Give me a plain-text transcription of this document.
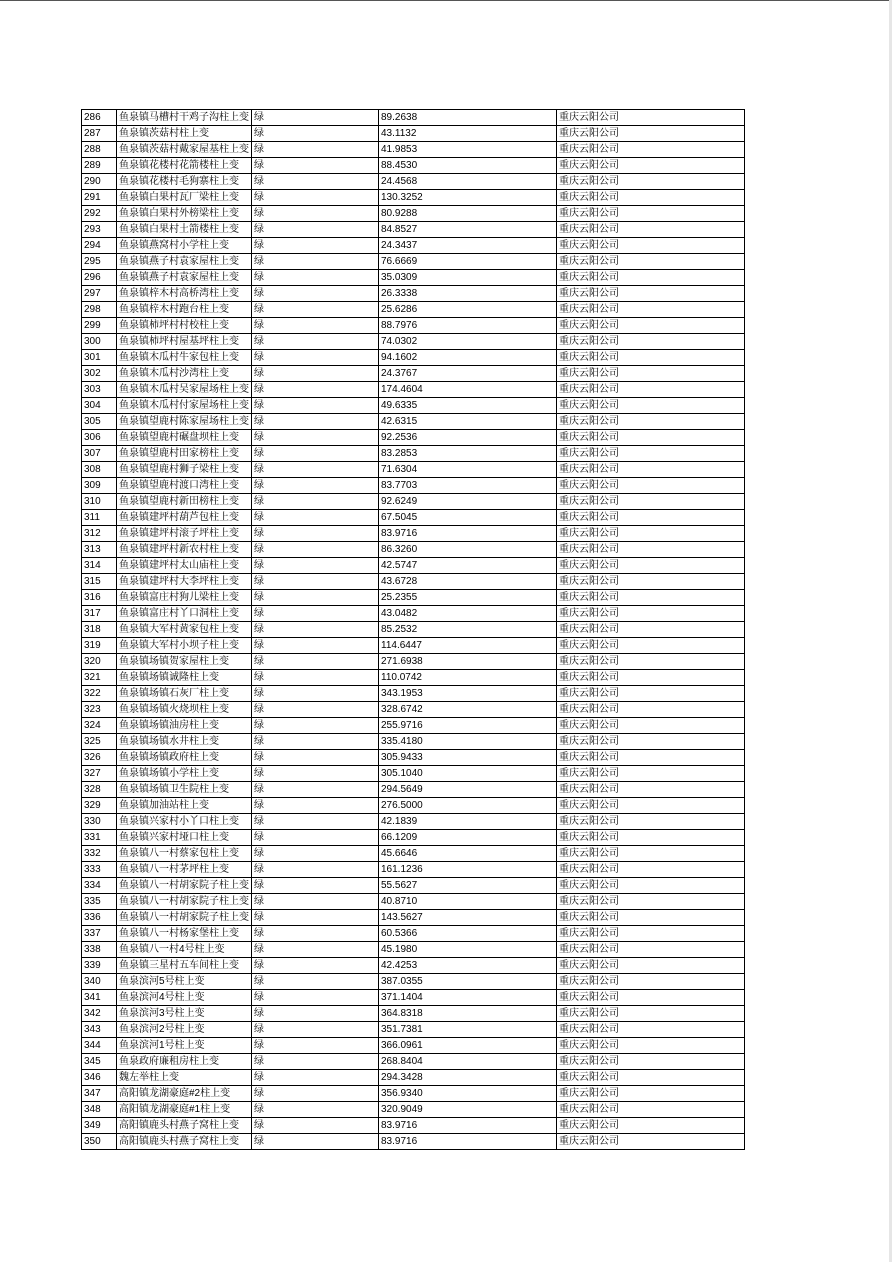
286	鱼泉镇马槽村干鸡子沟柱上变	绿	89.2638	重庆云阳公司
287	鱼泉镇茨菇村柱上变	绿	43.1132	重庆云阳公司
288	鱼泉镇茨菇村戴家屋基柱上变	绿	41.9853	重庆云阳公司
289	鱼泉镇花楼村花箭楼柱上变	绿	88.4530	重庆云阳公司
290	鱼泉镇花楼村毛狗寨柱上变	绿	24.4568	重庆云阳公司
291	鱼泉镇白果村瓦厂梁柱上变	绿	130.3252	重庆云阳公司
292	鱼泉镇白果村外榜梁柱上变	绿	80.9288	重庆云阳公司
293	鱼泉镇白果村土箭楼柱上变	绿	84.8527	重庆云阳公司
294	鱼泉镇燕窝村小学柱上变	绿	24.3437	重庆云阳公司
295	鱼泉镇燕子村袁家屋柱上变	绿	76.6669	重庆云阳公司
296	鱼泉镇燕子村袁家屋柱上变	绿	35.0309	重庆云阳公司
297	鱼泉镇梓木村高桥湾柱上变	绿	26.3338	重庆云阳公司
298	鱼泉镇梓木村跑台柱上变	绿	25.6286	重庆云阳公司
299	鱼泉镇柿坪村村校柱上变	绿	88.7976	重庆云阳公司
300	鱼泉镇柿坪村屋基坪柱上变	绿	74.0302	重庆云阳公司
301	鱼泉镇木瓜村牛家包柱上变	绿	94.1602	重庆云阳公司
302	鱼泉镇木瓜村沙湾柱上变	绿	24.3767	重庆云阳公司
303	鱼泉镇木瓜村吴家屋场柱上变	绿	174.4604	重庆云阳公司
304	鱼泉镇木瓜村付家屋场柱上变	绿	49.6335	重庆云阳公司
305	鱼泉镇望鹿村陈家屋场柱上变	绿	42.6315	重庆云阳公司
306	鱼泉镇望鹿村碾盘坝柱上变	绿	92.2536	重庆云阳公司
307	鱼泉镇望鹿村田家榜柱上变	绿	83.2853	重庆云阳公司
308	鱼泉镇望鹿村狮子梁柱上变	绿	71.6304	重庆云阳公司
309	鱼泉镇望鹿村渡口湾柱上变	绿	83.7703	重庆云阳公司
310	鱼泉镇望鹿村新田榜柱上变	绿	92.6249	重庆云阳公司
311	鱼泉镇建坪村葫芦包柱上变	绿	67.5045	重庆云阳公司
312	鱼泉镇建坪村滚子坪柱上变	绿	83.9716	重庆云阳公司
313	鱼泉镇建坪村新农村柱上变	绿	86.3260	重庆云阳公司
314	鱼泉镇建坪村太山庙柱上变	绿	42.5747	重庆云阳公司
315	鱼泉镇建坪村大李坪柱上变	绿	43.6728	重庆云阳公司
316	鱼泉镇富庄村狗儿梁柱上变	绿	25.2355	重庆云阳公司
317	鱼泉镇富庄村丫口洞柱上变	绿	43.0482	重庆云阳公司
318	鱼泉镇大军村黄家包柱上变	绿	85.2532	重庆云阳公司
319	鱼泉镇大军村小坝子柱上变	绿	114.6447	重庆云阳公司
320	鱼泉镇场镇贺家屋柱上变	绿	271.6938	重庆云阳公司
321	鱼泉镇场镇诚隆柱上变	绿	110.0742	重庆云阳公司
322	鱼泉镇场镇石灰厂柱上变	绿	343.1953	重庆云阳公司
323	鱼泉镇场镇火烧坝柱上变	绿	328.6742	重庆云阳公司
324	鱼泉镇场镇油房柱上变	绿	255.9716	重庆云阳公司
325	鱼泉镇场镇水井柱上变	绿	335.4180	重庆云阳公司
326	鱼泉镇场镇政府柱上变	绿	305.9433	重庆云阳公司
327	鱼泉镇场镇小学柱上变	绿	305.1040	重庆云阳公司
328	鱼泉镇场镇卫生院柱上变	绿	294.5649	重庆云阳公司
329	鱼泉镇加油站柱上变	绿	276.5000	重庆云阳公司
330	鱼泉镇兴家村小丫口柱上变	绿	42.1839	重庆云阳公司
331	鱼泉镇兴家村垭口柱上变	绿	66.1209	重庆云阳公司
332	鱼泉镇八一村蔡家包柱上变	绿	45.6646	重庆云阳公司
333	鱼泉镇八一村茅坪柱上变	绿	161.1236	重庆云阳公司
334	鱼泉镇八一村胡家院子柱上变	绿	55.5627	重庆云阳公司
335	鱼泉镇八一村胡家院子柱上变	绿	40.8710	重庆云阳公司
336	鱼泉镇八一村胡家院子柱上变	绿	143.5627	重庆云阳公司
337	鱼泉镇八一村杨家堡柱上变	绿	60.5366	重庆云阳公司
338	鱼泉镇八一村4号柱上变	绿	45.1980	重庆云阳公司
339	鱼泉镇三星村五车间柱上变	绿	42.4253	重庆云阳公司
340	鱼泉滨河5号柱上变	绿	387.0355	重庆云阳公司
341	鱼泉滨河4号柱上变	绿	371.1404	重庆云阳公司
342	鱼泉滨河3号柱上变	绿	364.8318	重庆云阳公司
343	鱼泉滨河2号柱上变	绿	351.7381	重庆云阳公司
344	鱼泉滨河1号柱上变	绿	366.0961	重庆云阳公司
345	鱼泉政府廉租房柱上变	绿	268.8404	重庆云阳公司
346	魏左举柱上变	绿	294.3428	重庆云阳公司
347	高阳镇龙湖豪庭#2柱上变	绿	356.9340	重庆云阳公司
348	高阳镇龙湖豪庭#1柱上变	绿	320.9049	重庆云阳公司
349	高阳镇鹿头村燕子窝柱上变	绿	83.9716	重庆云阳公司
350	高阳镇鹿头村燕子窝柱上变	绿	83.9716	重庆云阳公司
